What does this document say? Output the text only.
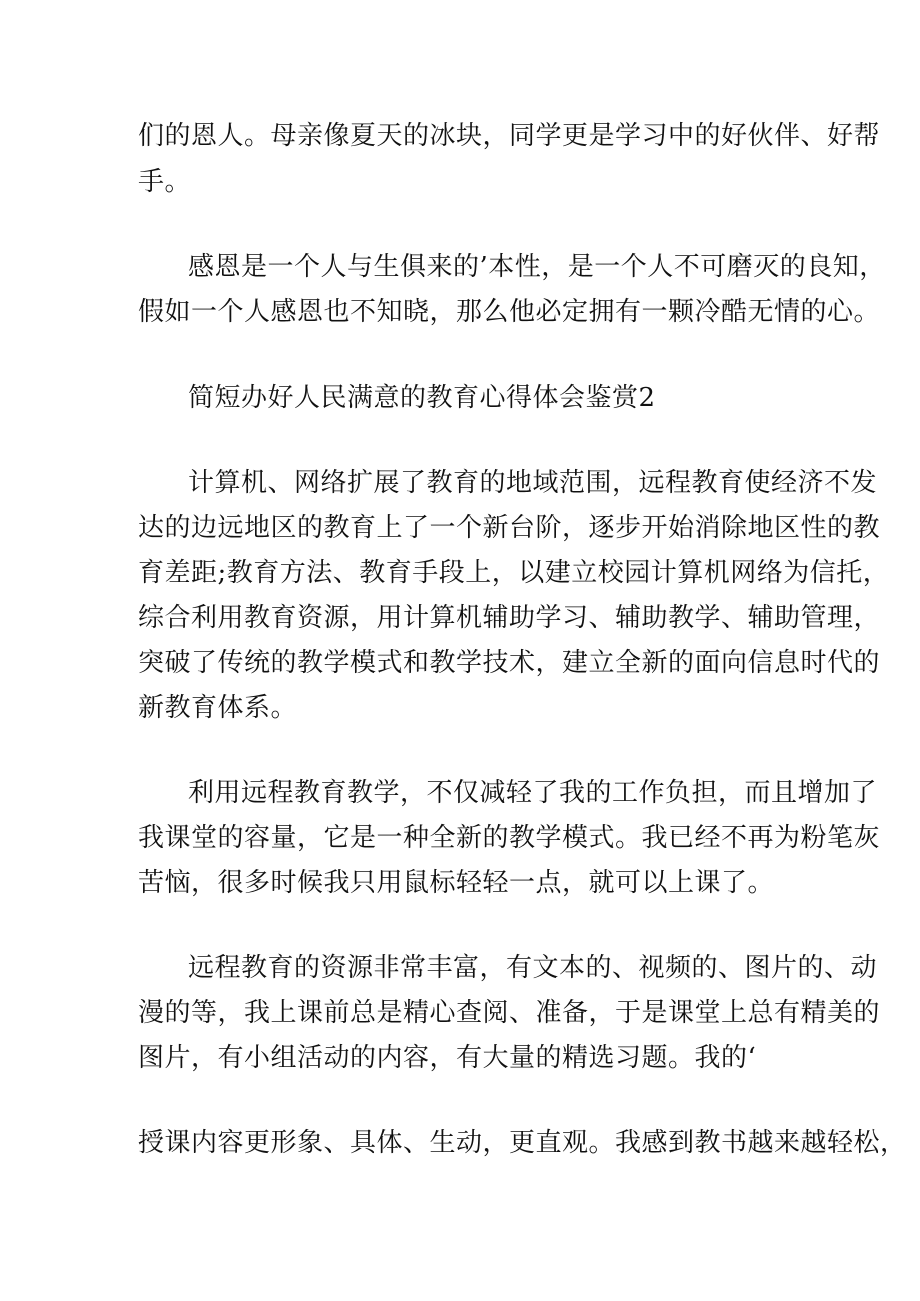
们的恩人。母亲像夏天的冰块，同学更是学习中的好伙伴、好帮

手。

感恩是一个人与生俱来的’本性，是一个人不可磨灭的良知，

假如一个人感恩也不知晓，那么他必定拥有一颗冷酷无情的心。

简短办好人民满意的教育心得体会鉴赏2

计算机、网络扩展了教育的地域范围，远程教育使经济不发

达的边远地区的教育上了一个新台阶，逐步开始消除地区性的教

育差距;教育方法、教育手段上，以建立校园计算机网络为信托，

综合利用教育资源，用计算机辅助学习、辅助教学、辅助管理，

突破了传统的教学模式和教学技术，建立全新的面向信息时代的

新教育体系。

利用远程教育教学，不仅减轻了我的工作负担，而且增加了

我课堂的容量，它是一种全新的教学模式。我已经不再为粉笔灰

苦恼，很多时候我只用鼠标轻轻一点，就可以上课了。

远程教育的资源非常丰富，有文本的、视频的、图片的、动

漫的等，我上课前总是精心查阅、准备，于是课堂上总有精美的

图片，有小组活动的内容，有大量的精选习题。我的‘

授课内容更形象、具体、生动，更直观。我感到教书越来越轻松，
